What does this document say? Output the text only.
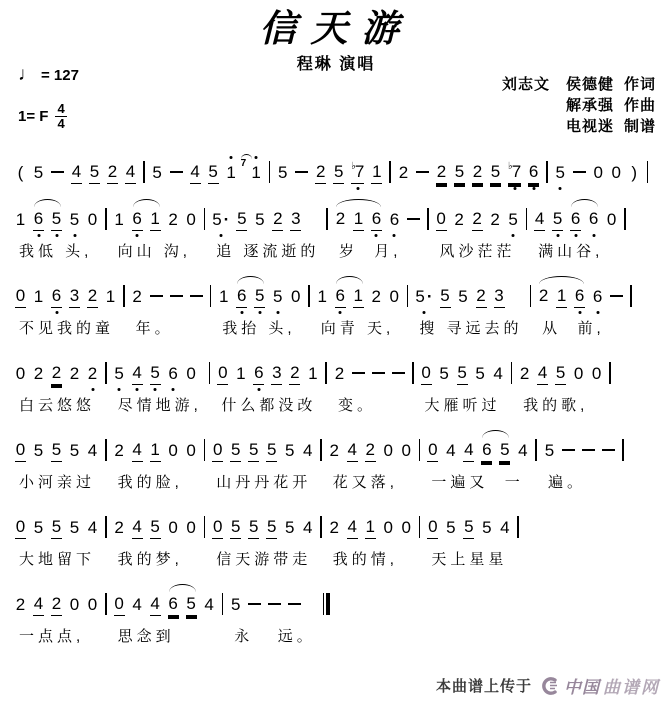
信天游
程琳 演唱
♩ = 127
1= F $\frac{4}{4}$
刘志文　侯德健 作词
解承强 作曲
电视迷 制谱
( 5 4 5 2 4 5 4 5 1 7 1 5 2 5 ♭ 7 1 2 2 5 2 5 ♭ 7 6 5 0 0 )
1 6 5 5 0
我低 头,
1 6 1 2 0
向山 沟,
5 · 5 5 2 3
追 逐流逝的
2 1 6 6
岁  月,
0 2 2 2 5
风沙茫茫
4 5 6 6 0
满山谷,
0 1 6 3 2 1
不见我的童
2
年。
1 6 5 5 0
我抬 头,
1 6 1 2 0
向青 天,
5 · 5 5 2 3
搜 寻远去的
2 1 6 6
从  前,
0 2 2 2 2
白云悠悠
5 4 5 6 0
尽情地游,
0 1 6 3 2 1
什么都没改
2
变。
0 5 5 5 4
大雁听过
2 4 5 0 0
我的歌,
0 5 5 5 4
小河亲过
2 4 1 0 0
我的脸,
0 5 5 5 5 4
山丹丹花开
2 4 2 0 0
花又落,
0 4 4 6 5 4
一遍又  一
5
遍。
0 5 5 5 4
大地留下
2 4 5 0 0
我的梦,
0 5 5 5 5 4
信天游带走
2 4 1 0 0
我的情,
0 5 5 5 4
天上星星
2 4 2 0 0
一点点,
0 4 4 6 5 4
思念到
5
永   远。
本曲谱上传于 中国 曲谱网
